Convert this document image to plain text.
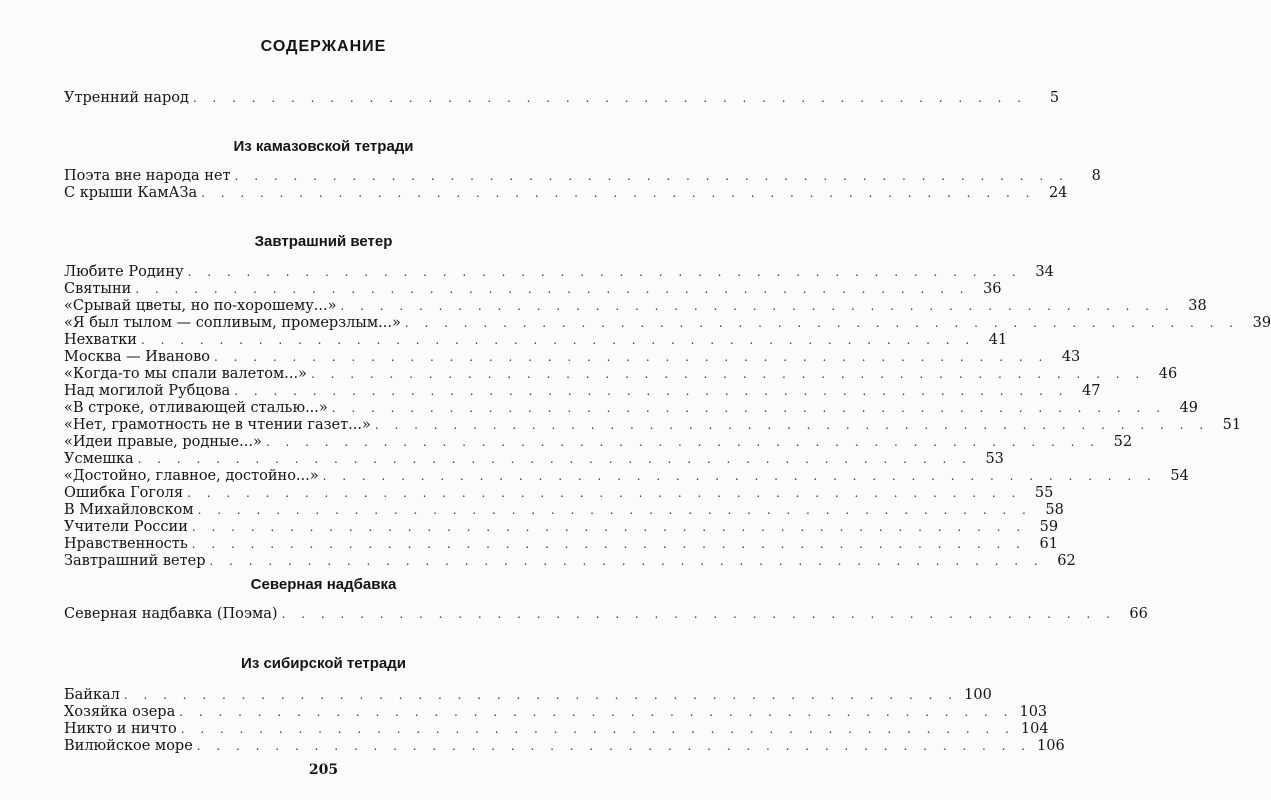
СОДЕРЖАНИЕ
Утренний народ . . . . . . . . . . . . . . . . . . . . . . . . . . . . . . . . . . . . . . . . . . .	5
Из камазовской тетради
Поэта вне народа нет . . . . . . . . . . . . . . . . . . . . . . . . . . . . . . . . . . . . . . . . . . .	8
С крыши КамАЗа . . . . . . . . . . . . . . . . . . . . . . . . . . . . . . . . . . . . . . . . . . . 24
Завтрашний ветер
Любите Родину . . . . . . . . . . . . . . . . . . . . . . . . . . . . . . . . . . . . . . . . . . . 34
Святыни . . . . . . . . . . . . . . . . . . . . . . . . . . . . . . . . . . . . . . . . . . . 36
«Срывай цветы, но по-хорошему...» . . . . . . . . . . . . . . . . . . . . . . . . . . . . . . . . . . . . . . . . . . . 38
«Я был тылом — сопливым, промерзлым...» . . . . . . . . . . . . . . . . . . . . . . . . . . . . . . . . . . . . . . . . . . . 39
Нехватки . . . . . . . . . . . . . . . . . . . . . . . . . . . . . . . . . . . . . . . . . . . 41
Москва — Иваново . . . . . . . . . . . . . . . . . . . . . . . . . . . . . . . . . . . . . . . . . . . 43
«Когда-то мы спали валетом...» . . . . . . . . . . . . . . . . . . . . . . . . . . . . . . . . . . . . . . . . . . . 46
Над могилой Рубцова . . . . . . . . . . . . . . . . . . . . . . . . . . . . . . . . . . . . . . . . . . . 47
«В строке, отливающей сталью...» . . . . . . . . . . . . . . . . . . . . . . . . . . . . . . . . . . . . . . . . . . . 49
«Нет, грамотность не в чтении газет...» . . . . . . . . . . . . . . . . . . . . . . . . . . . . . . . . . . . . . . . . . . . 51
«Идеи правые, родные...» . . . . . . . . . . . . . . . . . . . . . . . . . . . . . . . . . . . . . . . . . . . 52
Усмешка . . . . . . . . . . . . . . . . . . . . . . . . . . . . . . . . . . . . . . . . . . . 53
«Достойно, главное, достойно...» . . . . . . . . . . . . . . . . . . . . . . . . . . . . . . . . . . . . . . . . . . . 54
Ошибка Гоголя . . . . . . . . . . . . . . . . . . . . . . . . . . . . . . . . . . . . . . . . . . . 55
В Михайловском . . . . . . . . . . . . . . . . . . . . . . . . . . . . . . . . . . . . . . . . . . . 58
Учители России . . . . . . . . . . . . . . . . . . . . . . . . . . . . . . . . . . . . . . . . . . . 59
Нравственность . . . . . . . . . . . . . . . . . . . . . . . . . . . . . . . . . . . . . . . . . . . 61
Завтрашний ветер . . . . . . . . . . . . . . . . . . . . . . . . . . . . . . . . . . . . . . . . . . . 62
Северная надбавка
Северная надбавка (Поэма) . . . . . . . . . . . . . . . . . . . . . . . . . . . . . . . . . . . . . . . . . . . 66
Из сибирской тетради
Байкал . . . . . . . . . . . . . . . . . . . . . . . . . . . . . . . . . . . . . . . . . . . 100
Хозяйка озера . . . . . . . . . . . . . . . . . . . . . . . . . . . . . . . . . . . . . . . . . . . 103
Никто и ничто . . . . . . . . . . . . . . . . . . . . . . . . . . . . . . . . . . . . . . . . . . . 104
Вилюйское море . . . . . . . . . . . . . . . . . . . . . . . . . . . . . . . . . . . . . . . . . . . 106
205
